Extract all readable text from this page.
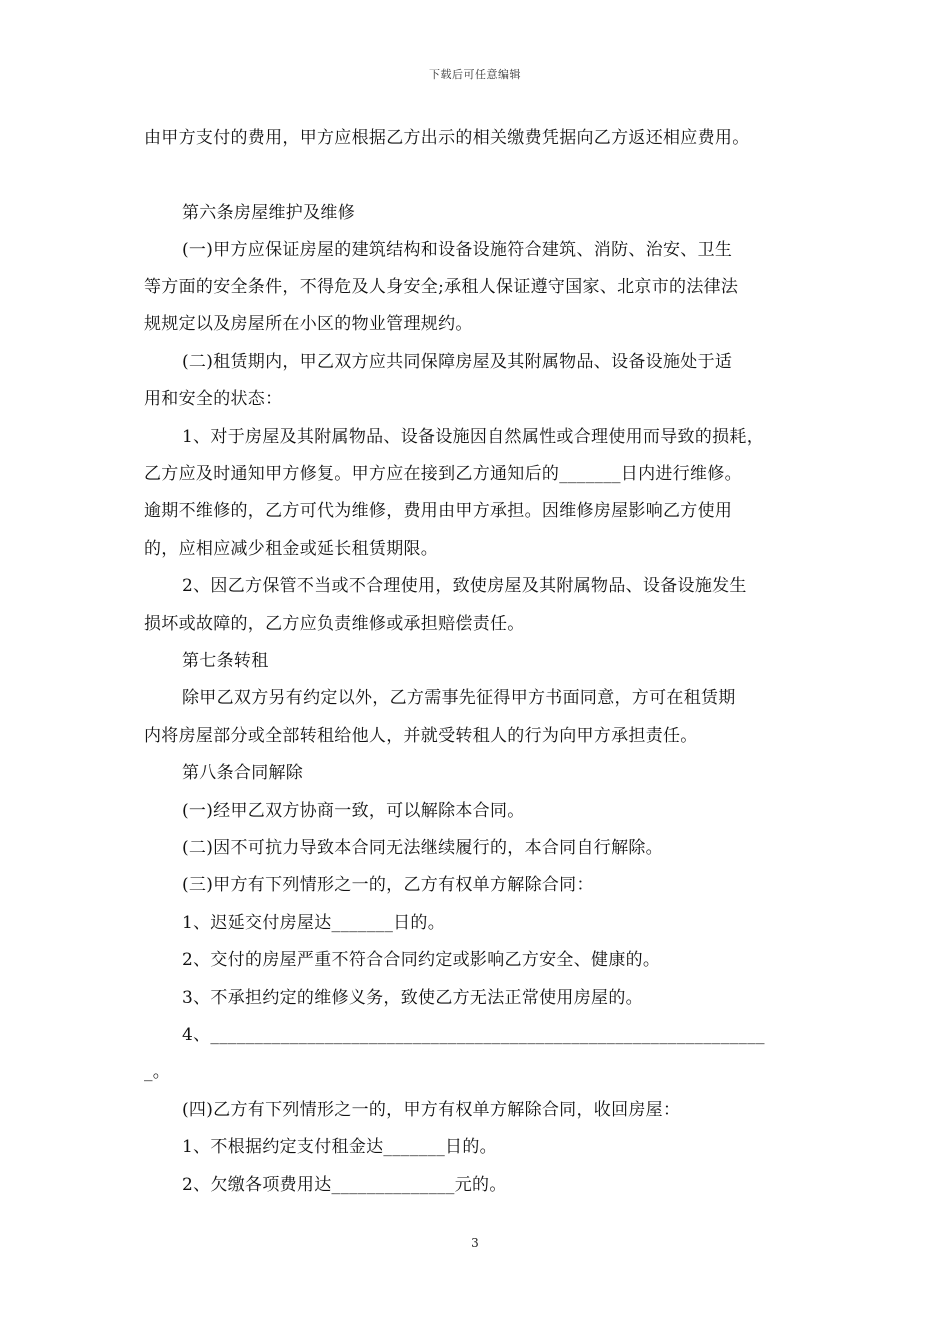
下载后可任意编辑
由甲方支付的费用，甲方应根据乙方出示的相关缴费凭据向乙方返还相应费用。
第六条房屋维护及维修
(一)甲方应保证房屋的建筑结构和设备设施符合建筑、消防、治安、卫生
等方面的安全条件，不得危及人身安全;承租人保证遵守国家、北京市的法律法
规规定以及房屋所在小区的物业管理规约。
(二)租赁期内，甲乙双方应共同保障房屋及其附属物品、设备设施处于适
用和安全的状态：
1、对于房屋及其附属物品、设备设施因自然属性或合理使用而导致的损耗，
乙方应及时通知甲方修复。甲方应在接到乙方通知后的_______日内进行维修。
逾期不维修的，乙方可代为维修，费用由甲方承担。因维修房屋影响乙方使用
的，应相应减少租金或延长租赁期限。
2、因乙方保管不当或不合理使用，致使房屋及其附属物品、设备设施发生
损坏或故障的，乙方应负责维修或承担赔偿责任。
第七条转租
除甲乙双方另有约定以外，乙方需事先征得甲方书面同意，方可在租赁期
内将房屋部分或全部转租给他人，并就受转租人的行为向甲方承担责任。
第八条合同解除
(一)经甲乙双方协商一致，可以解除本合同。
(二)因不可抗力导致本合同无法继续履行的，本合同自行解除。
(三)甲方有下列情形之一的，乙方有权单方解除合同：
1、迟延交付房屋达_______日的。
2、交付的房屋严重不符合合同约定或影响乙方安全、健康的。
3、不承担约定的维修义务，致使乙方无法正常使用房屋的。
4、_______________________________________________________________
_。
(四)乙方有下列情形之一的，甲方有权单方解除合同，收回房屋：
1、不根据约定支付租金达_______日的。
2、欠缴各项费用达______________元的。
3
